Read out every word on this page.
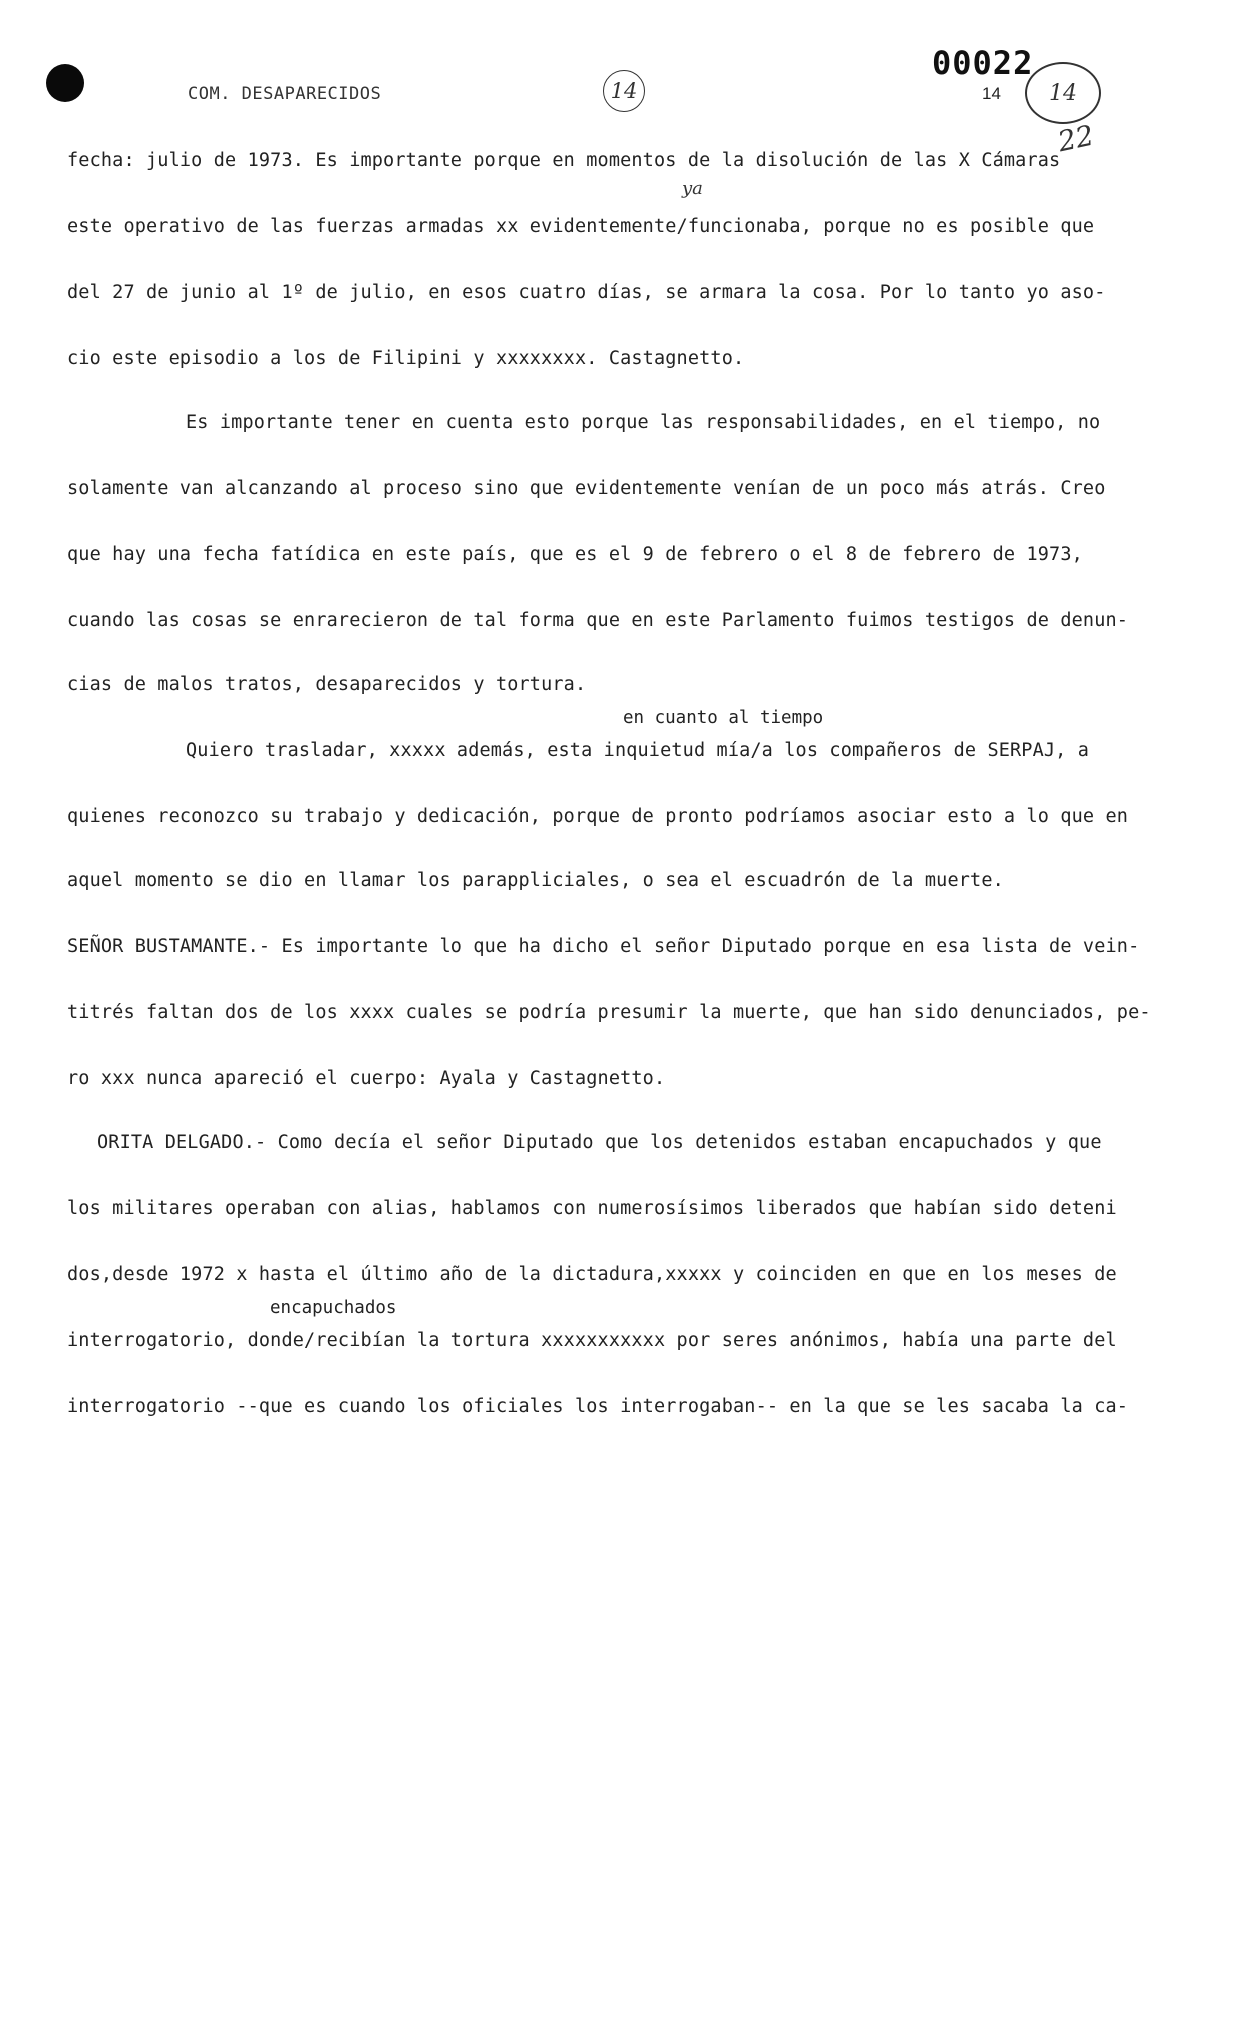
COM. DESAPARECIDOS	14
00022
14 14
22
fecha: julio de 1973. Es importante porque en momentos de la disolución de las X Cámaras
ya
este operativo de las fuerzas armadas xx evidentemente/funcionaba, porque no es posible que
del 27 de junio al 1º de julio, en esos cuatro días, se armara la cosa. Por lo tanto yo aso-
cio este episodio a los de Filipini y xxxxxxxx. Castagnetto.
Es importante tener en cuenta esto porque las responsabilidades, en el tiempo, no
solamente van alcanzando al proceso sino que evidentemente venían de un poco más atrás. Creo
que hay una fecha fatídica en este país, que es el 9 de febrero o el 8 de febrero de 1973,
cuando las cosas se enrarecieron de tal forma que en este Parlamento fuimos testigos de denun-
cias de malos tratos, desaparecidos y tortura.
en cuanto al tiempo
Quiero trasladar, xxxxx además, esta inquietud mía/a los compañeros de SERPAJ, a
quienes reconozco su trabajo y dedicación, porque de pronto podríamos asociar esto a lo que en
aquel momento se dio en llamar los parappliciales, o sea el escuadrón de la muerte.
SEÑOR BUSTAMANTE.- Es importante lo que ha dicho el señor Diputado porque en esa lista de vein-
titrés faltan dos de los xxxx cuales se podría presumir la muerte, que han sido denunciados, pe-
ro xxx nunca apareció el cuerpo: Ayala y Castagnetto.
ORITA DELGADO.- Como decía el señor Diputado que los detenidos estaban encapuchados y que
los militares operaban con alias, hablamos con numerosísimos liberados que habían sido deteni
dos,desde 1972 x hasta el último año de la dictadura,xxxxx y coinciden en que en los meses de
encapuchados
interrogatorio, donde/recibían la tortura xxxxxxxxxxx por seres anónimos, había una parte del
interrogatorio --que es cuando los oficiales los interrogaban-- en la que se les sacaba la ca-
